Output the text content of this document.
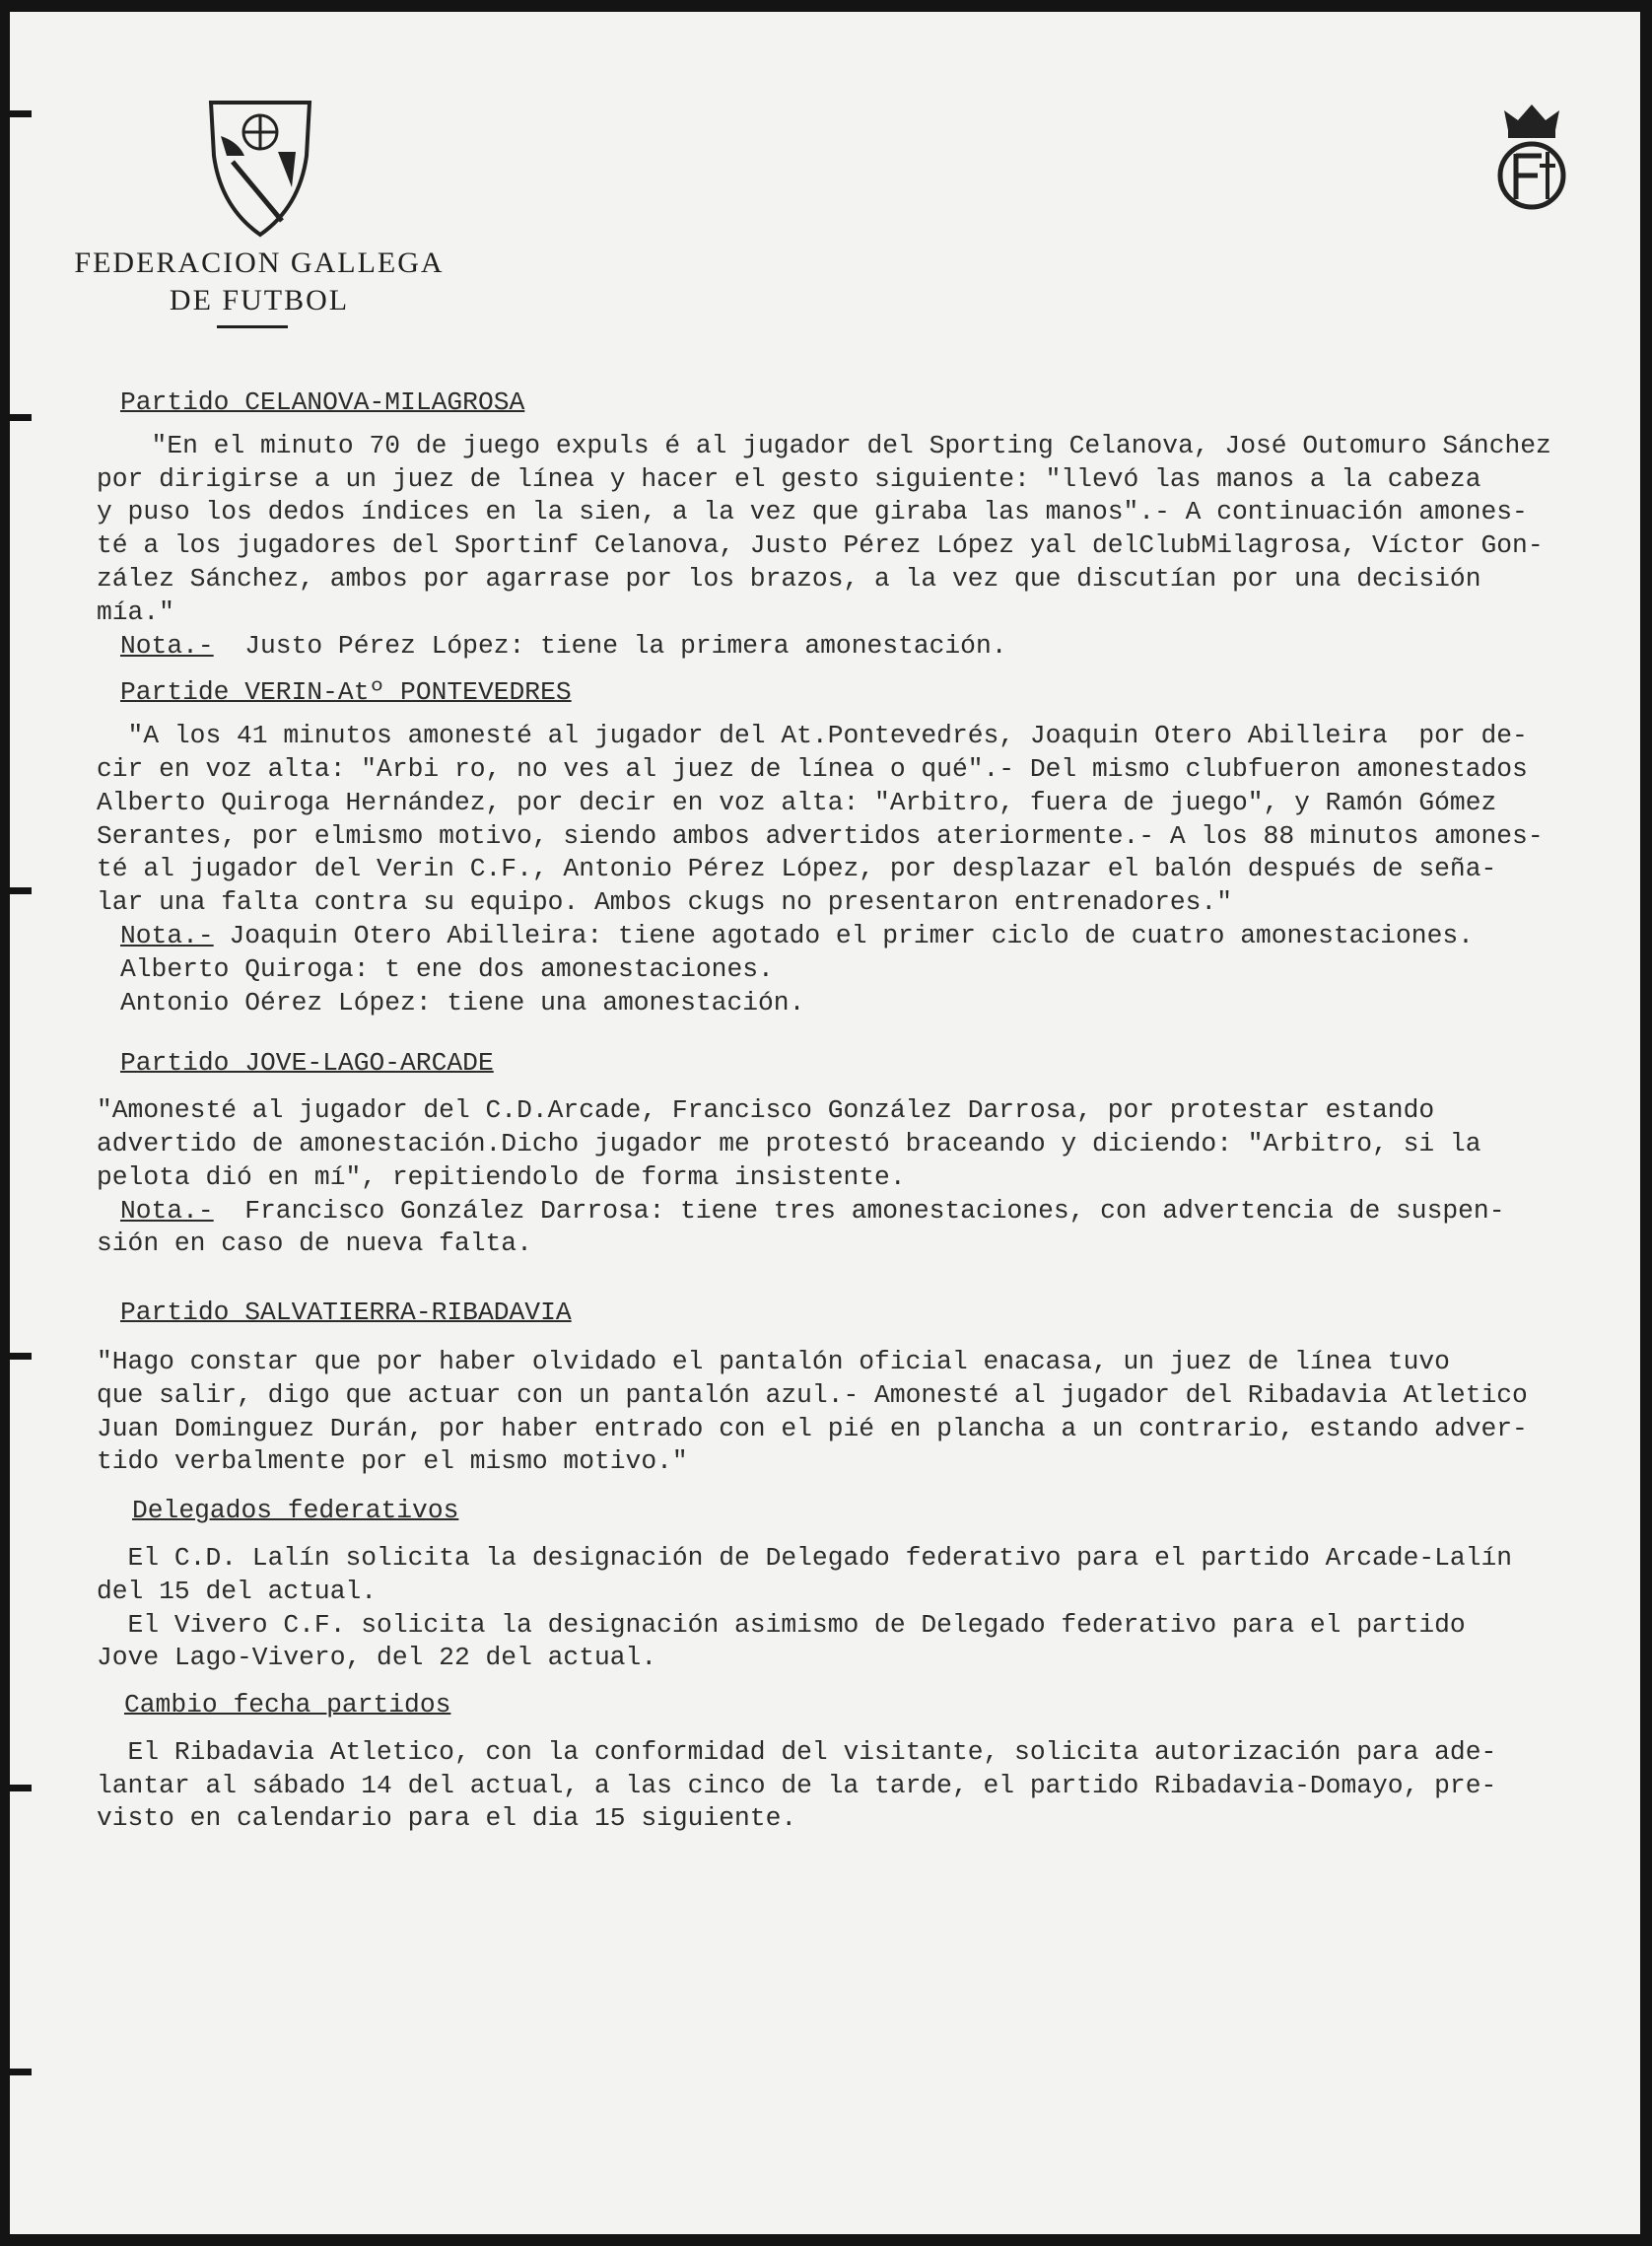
FEDERACION GALLEGA
DE FUTBOL

Partido CELANOVA-MILAGROSA

"En el minuto 70 de juego expuls é al jugador del Sporting Celanova, José Outomuro Sánchez

por dirigirse a un juez de línea y hacer el gesto siguiente: "llevó las manos a la cabeza

y puso los dedos índices en la sien, a la vez que giraba las manos".- A continuación amones-

té a los jugadores del Sportinf Celanova, Justo Pérez López yal delClubMilagrosa, Víctor Gon-

zález Sánchez, ambos por agarrase por los brazos, a la vez que discutían por una decisión

mía."

Nota.-  Justo Pérez López: tiene la primera amonestación.

Partide VERIN-Atº PONTEVEDRES

"A los 41 minutos amonesté al jugador del At.Pontevedrés, Joaquin Otero Abilleira  por de-

cir en voz alta: "Arbi ro, no ves al juez de línea o qué".- Del mismo clubfueron amonestados

Alberto Quiroga Hernández, por decir en voz alta: "Arbitro, fuera de juego", y Ramón Gómez

Serantes, por elmismo motivo, siendo ambos advertidos ateriormente.- A los 88 minutos amones-

té al jugador del Verin C.F., Antonio Pérez López, por desplazar el balón después de seña-

lar una falta contra su equipo. Ambos ckugs no presentaron entrenadores."

Nota.- Joaquin Otero Abilleira: tiene agotado el primer ciclo de cuatro amonestaciones.

Alberto Quiroga: t ene dos amonestaciones.

Antonio Oérez López: tiene una amonestación.

Partido JOVE-LAGO-ARCADE

"Amonesté al jugador del C.D.Arcade, Francisco González Darrosa, por protestar estando

advertido de amonestación.Dicho jugador me protestó braceando y diciendo: "Arbitro, si la

pelota dió en mí", repitiendolo de forma insistente.

Nota.-  Francisco González Darrosa: tiene tres amonestaciones, con advertencia de suspen-

sión en caso de nueva falta.

Partido SALVATIERRA-RIBADAVIA

"Hago constar que por haber olvidado el pantalón oficial enacasa, un juez de línea tuvo

que salir, digo que actuar con un pantalón azul.- Amonesté al jugador del Ribadavia Atletico

Juan Dominguez Durán, por haber entrado con el pié en plancha a un contrario, estando adver-

tido verbalmente por el mismo motivo."

Delegados federativos

El C.D. Lalín solicita la designación de Delegado federativo para el partido Arcade-Lalín

del 15 del actual.

El Vivero C.F. solicita la designación asimismo de Delegado federativo para el partido

Jove Lago-Vivero, del 22 del actual.

Cambio fecha partidos

El Ribadavia Atletico, con la conformidad del visitante, solicita autorización para ade-

lantar al sábado 14 del actual, a las cinco de la tarde, el partido Ribadavia-Domayo, pre-

visto en calendario para el dia 15 siguiente.
